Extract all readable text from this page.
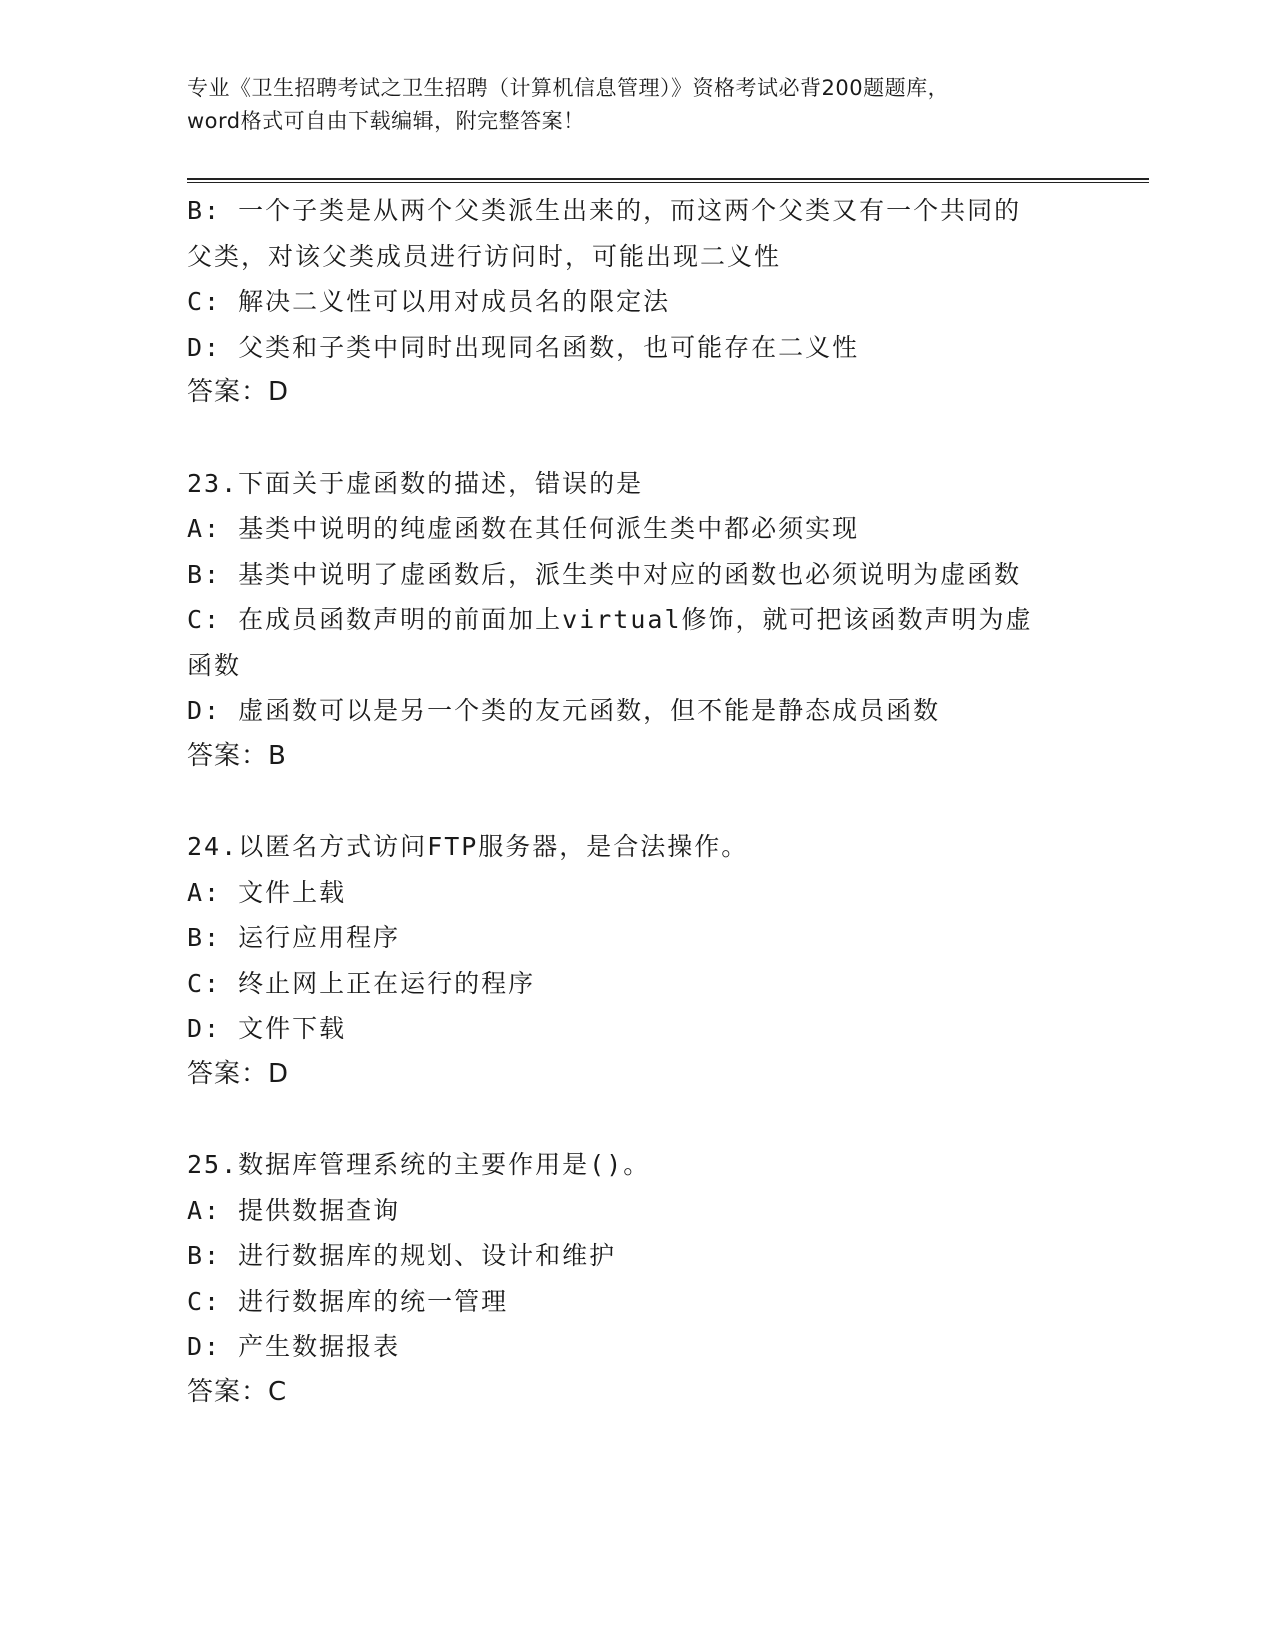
专业《卫生招聘考试之卫生招聘（计算机信息管理）》资格考试必背200题题库，
word格式可自由下载编辑，附完整答案！

B: 一个子类是从两个父类派生出来的，而这两个父类又有一个共同的

父类，对该父类成员进行访问时，可能出现二义性

C: 解决二义性可以用对成员名的限定法

D: 父类和子类中同时出现同名函数，也可能存在二义性

答案：D

23.下面关于虚函数的描述，错误的是

A: 基类中说明的纯虚函数在其任何派生类中都必须实现

B: 基类中说明了虚函数后，派生类中对应的函数也必须说明为虚函数

C: 在成员函数声明的前面加上virtual修饰，就可把该函数声明为虚

函数

D: 虚函数可以是另一个类的友元函数，但不能是静态成员函数

答案：B

24.以匿名方式访问FTP服务器，是合法操作。

A: 文件上载

B: 运行应用程序

C: 终止网上正在运行的程序

D: 文件下载

答案：D

25.数据库管理系统的主要作用是()。

A: 提供数据查询

B: 进行数据库的规划、设计和维护

C: 进行数据库的统一管理

D: 产生数据报表

答案：C
